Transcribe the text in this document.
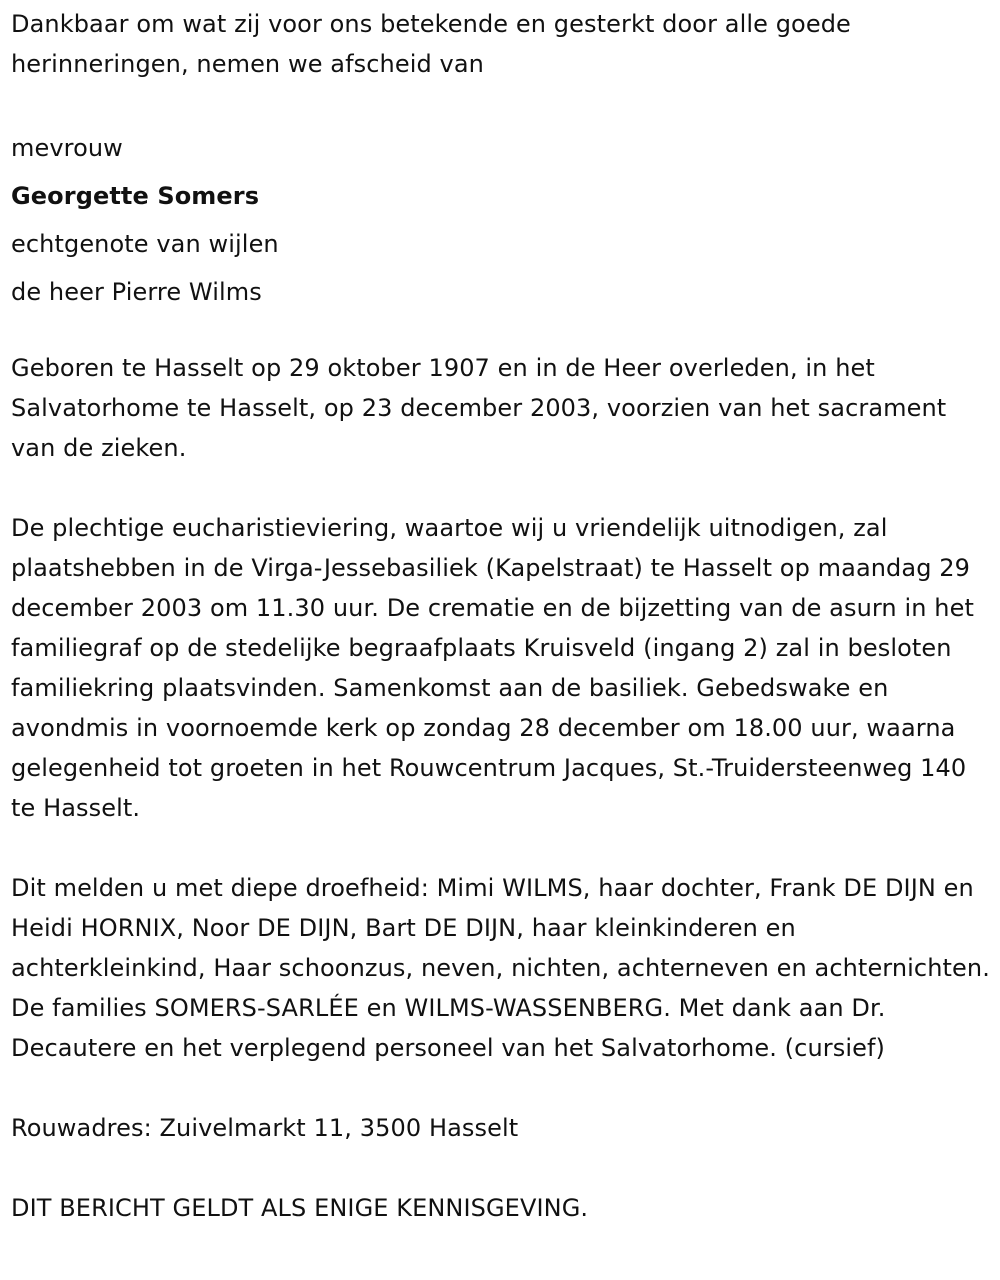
Dankbaar om wat zij voor ons betekende en gesterkt door alle goede herinneringen, nemen we afscheid van

mevrouw

Georgette Somers

echtgenote van wijlen

de heer Pierre Wilms

Geboren te Hasselt op 29 oktober 1907 en in de Heer overleden, in het Salvatorhome te Hasselt, op 23 december 2003, voorzien van het sacrament van de zieken.

De plechtige eucharistieviering, waartoe wij u vriendelijk uitnodigen, zal plaatshebben in de Virga-Jessebasiliek (Kapelstraat) te Hasselt op maandag 29 december 2003 om 11.30 uur. De crematie en de bijzetting van de asurn in het familiegraf op de stedelijke begraafplaats Kruisveld (ingang 2) zal in besloten familiekring plaatsvinden. Samenkomst aan de basiliek. Gebedswake en avondmis in voornoemde kerk op zondag 28 december om 18.00 uur, waarna gelegenheid tot groeten in het Rouwcentrum Jacques, St.-Truidersteenweg 140 te Hasselt.

Dit melden u met diepe droefheid: Mimi WILMS, haar dochter, Frank DE DIJN en Heidi HORNIX, Noor DE DIJN, Bart DE DIJN, haar kleinkinderen en achterkleinkind, Haar schoonzus, neven, nichten, achterneven en achternichten. De families SOMERS-SARLÉE en WILMS-WASSENBERG. Met dank aan Dr. Decautere en het verplegend personeel van het Salvatorhome. (cursief)

Rouwadres: Zuivelmarkt 11, 3500 Hasselt

DIT BERICHT GELDT ALS ENIGE KENNISGEVING.
